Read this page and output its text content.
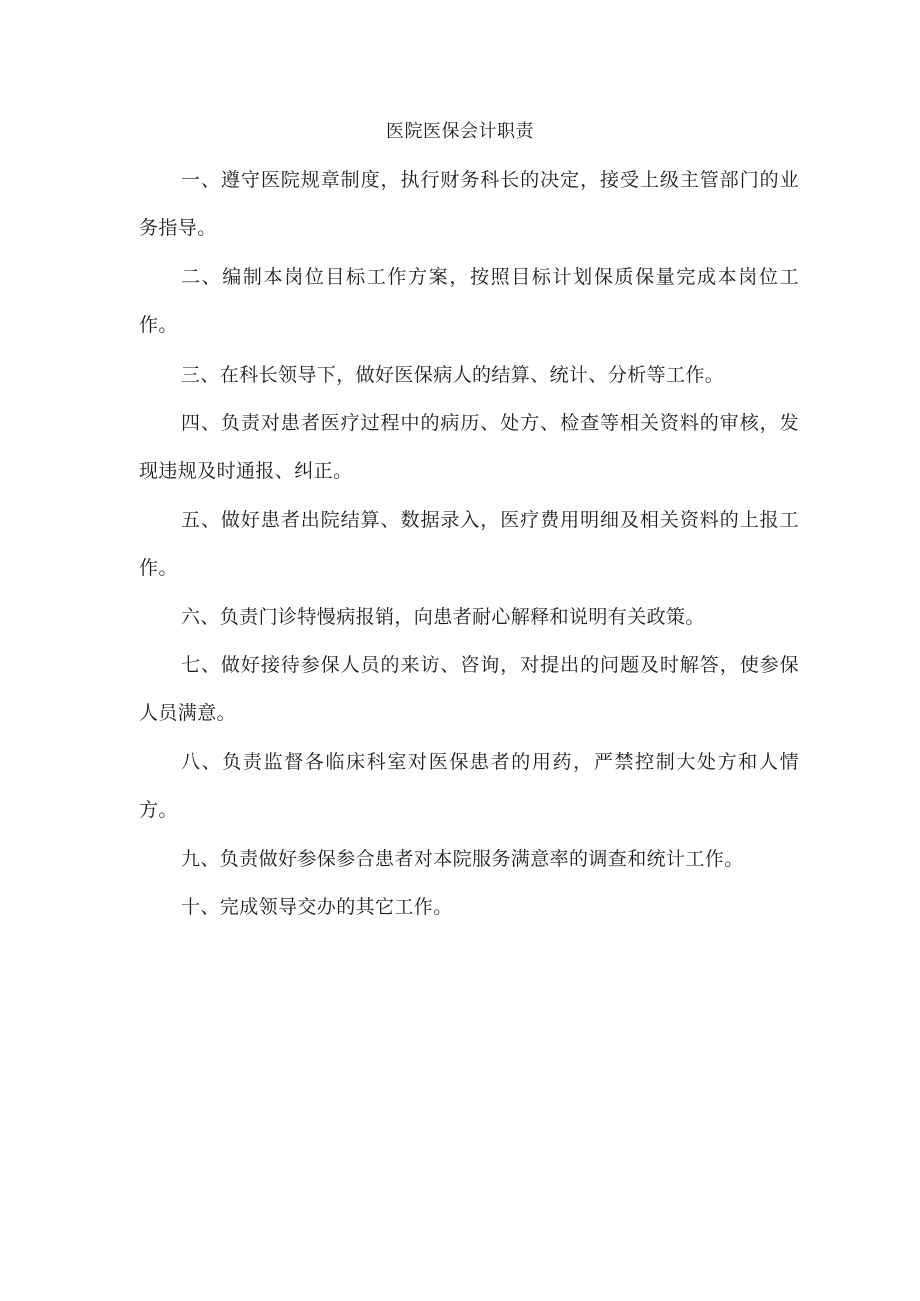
医院医保会计职责

一、遵守医院规章制度，执行财务科长的决定，接受上级主管部门的业务指导。

二、编制本岗位目标工作方案，按照目标计划保质保量完成本岗位工作。

三、在科长领导下，做好医保病人的结算、统计、分析等工作。

四、负责对患者医疗过程中的病历、处方、检查等相关资料的审核，发现违规及时通报、纠正。

五、做好患者出院结算、数据录入，医疗费用明细及相关资料的上报工作。

六、负责门诊特慢病报销，向患者耐心解释和说明有关政策。

七、做好接待参保人员的来访、咨询，对提出的问题及时解答，使参保人员满意。

八、负责监督各临床科室对医保患者的用药，严禁控制大处方和人情方。

九、负责做好参保参合患者对本院服务满意率的调查和统计工作。

十、完成领导交办的其它工作。
